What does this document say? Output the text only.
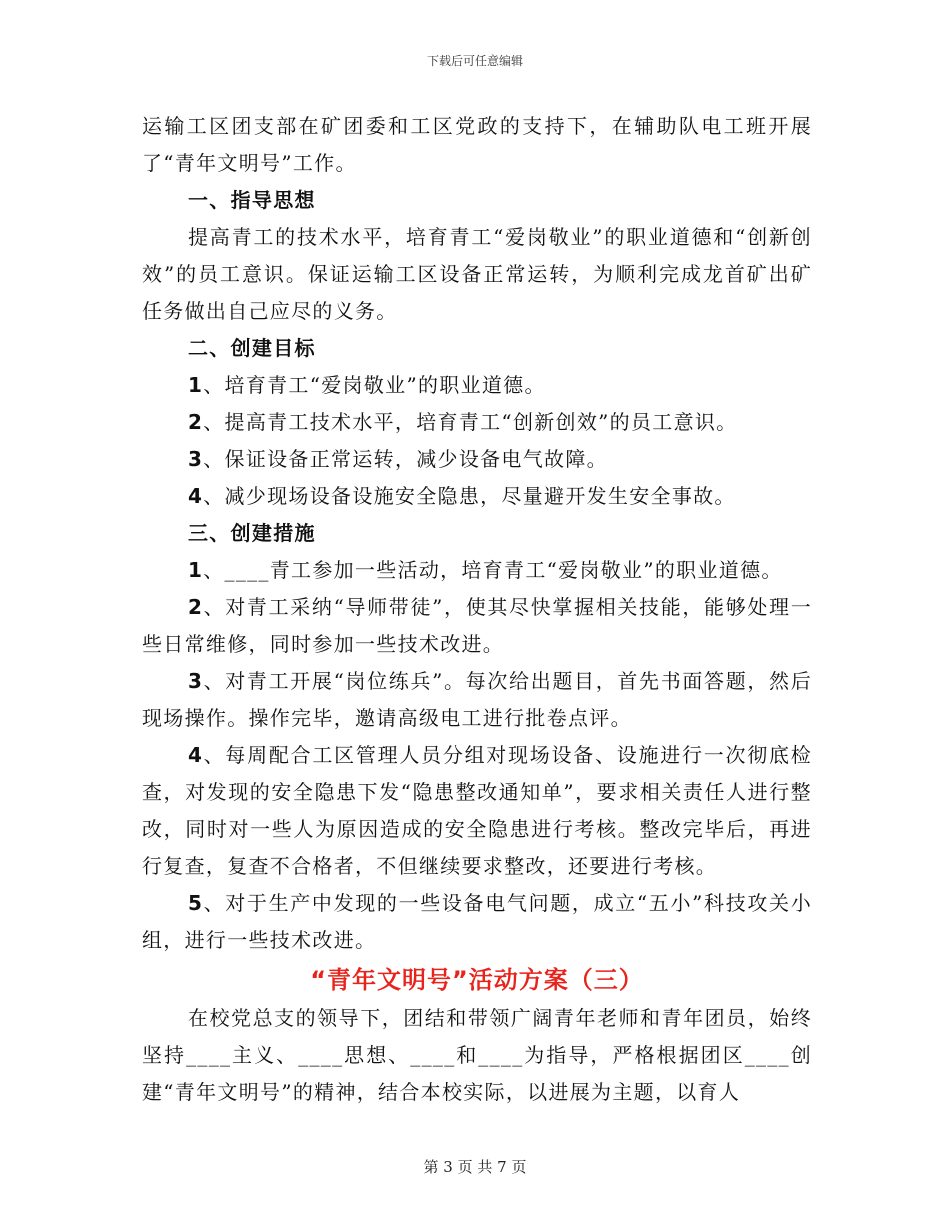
下载后可任意编辑

运输工区团支部在矿团委和工区党政的支持下，在辅助队电工班开展了“青年文明号”工作。

一、指导思想

提高青工的技术水平，培育青工“爱岗敬业”的职业道德和“创新创效”的员工意识。保证运输工区设备正常运转，为顺利完成龙首矿出矿任务做出自己应尽的义务。

二、创建目标

1、培育青工“爱岗敬业”的职业道德。

2、提高青工技术水平，培育青工“创新创效”的员工意识。

3、保证设备正常运转，减少设备电气故障。

4、减少现场设备设施安全隐患，尽量避开发生安全事故。

三、创建措施

1、____青工参加一些活动，培育青工“爱岗敬业”的职业道德。

2、对青工采纳“导师带徒”，使其尽快掌握相关技能，能够处理一些日常维修，同时参加一些技术改进。

3、对青工开展“岗位练兵”。每次给出题目，首先书面答题，然后现场操作。操作完毕，邀请高级电工进行批卷点评。

4、每周配合工区管理人员分组对现场设备、设施进行一次彻底检查，对发现的安全隐患下发“隐患整改通知单”，要求相关责任人进行整改，同时对一些人为原因造成的安全隐患进行考核。整改完毕后，再进行复查，复查不合格者，不但继续要求整改，还要进行考核。

5、对于生产中发现的一些设备电气问题，成立“五小”科技攻关小组，进行一些技术改进。

“青年文明号”活动方案（三）

在校党总支的领导下，团结和带领广阔青年老师和青年团员，始终坚持____主义、____思想、____和____为指导，严格根据团区____创建“青年文明号”的精神，结合本校实际，以进展为主题，以育人

第 3 页 共 7 页
